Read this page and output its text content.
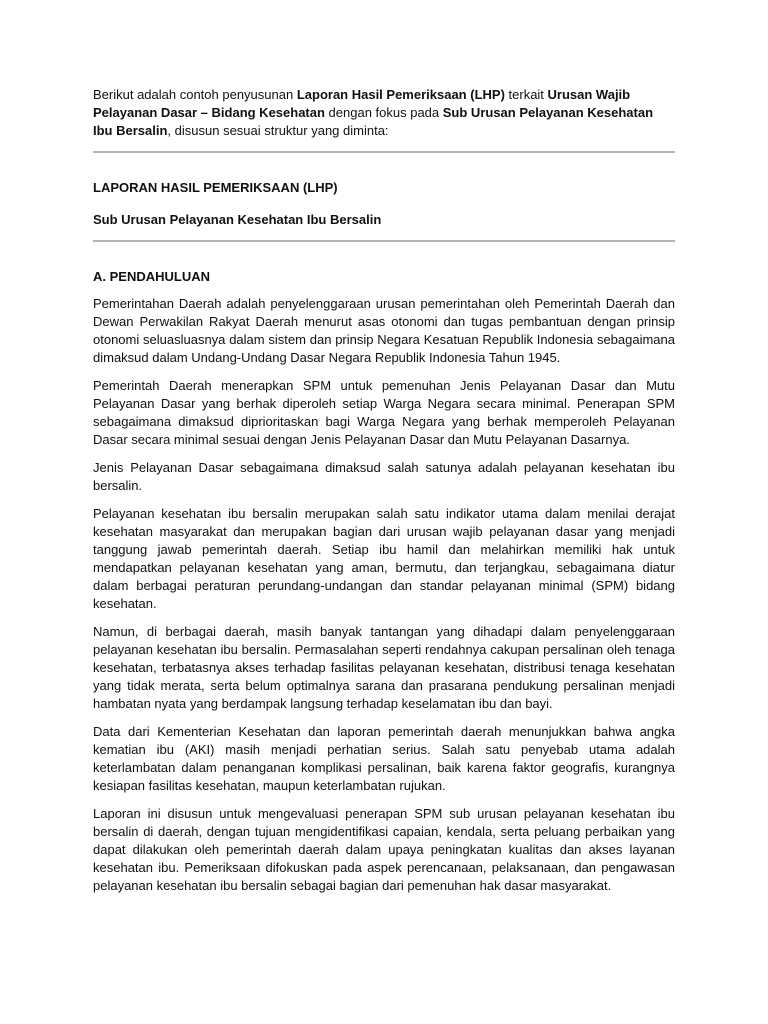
Berikut adalah contoh penyusunan Laporan Hasil Pemeriksaan (LHP) terkait Urusan Wajib Pelayanan Dasar – Bidang Kesehatan dengan fokus pada Sub Urusan Pelayanan Kesehatan Ibu Bersalin, disusun sesuai struktur yang diminta:

LAPORAN HASIL PEMERIKSAAN (LHP)

Sub Urusan Pelayanan Kesehatan Ibu Bersalin

A. PENDAHULUAN

Pemerintahan Daerah adalah penyelenggaraan urusan pemerintahan oleh Pemerintah Daerah dan Dewan Perwakilan Rakyat Daerah menurut asas otonomi dan tugas pembantuan dengan prinsip otonomi seluasluasnya dalam sistem dan prinsip Negara Kesatuan Republik Indonesia sebagaimana dimaksud dalam Undang-Undang Dasar Negara Republik Indonesia Tahun 1945.

Pemerintah Daerah menerapkan SPM untuk pemenuhan Jenis Pelayanan Dasar dan Mutu Pelayanan Dasar yang berhak diperoleh setiap Warga Negara secara minimal. Penerapan SPM sebagaimana dimaksud diprioritaskan bagi Warga Negara yang berhak memperoleh Pelayanan Dasar secara minimal sesuai dengan Jenis Pelayanan Dasar dan Mutu Pelayanan Dasarnya.

Jenis Pelayanan Dasar sebagaimana dimaksud salah satunya adalah pelayanan kesehatan ibu bersalin.

Pelayanan kesehatan ibu bersalin merupakan salah satu indikator utama dalam menilai derajat kesehatan masyarakat dan merupakan bagian dari urusan wajib pelayanan dasar yang menjadi tanggung jawab pemerintah daerah. Setiap ibu hamil dan melahirkan memiliki hak untuk mendapatkan pelayanan kesehatan yang aman, bermutu, dan terjangkau, sebagaimana diatur dalam berbagai peraturan perundang-undangan dan standar pelayanan minimal (SPM) bidang kesehatan.

Namun, di berbagai daerah, masih banyak tantangan yang dihadapi dalam penyelenggaraan pelayanan kesehatan ibu bersalin. Permasalahan seperti rendahnya cakupan persalinan oleh tenaga kesehatan, terbatasnya akses terhadap fasilitas pelayanan kesehatan, distribusi tenaga kesehatan yang tidak merata, serta belum optimalnya sarana dan prasarana pendukung persalinan menjadi hambatan nyata yang berdampak langsung terhadap keselamatan ibu dan bayi.

Data dari Kementerian Kesehatan dan laporan pemerintah daerah menunjukkan bahwa angka kematian ibu (AKI) masih menjadi perhatian serius. Salah satu penyebab utama adalah keterlambatan dalam penanganan komplikasi persalinan, baik karena faktor geografis, kurangnya kesiapan fasilitas kesehatan, maupun keterlambatan rujukan.

Laporan ini disusun untuk mengevaluasi penerapan SPM sub urusan pelayanan kesehatan ibu bersalin di daerah, dengan tujuan mengidentifikasi capaian, kendala, serta peluang perbaikan yang dapat dilakukan oleh pemerintah daerah dalam upaya peningkatan kualitas dan akses layanan kesehatan ibu. Pemeriksaan difokuskan pada aspek perencanaan, pelaksanaan, dan pengawasan pelayanan kesehatan ibu bersalin sebagai bagian dari pemenuhan hak dasar masyarakat.
